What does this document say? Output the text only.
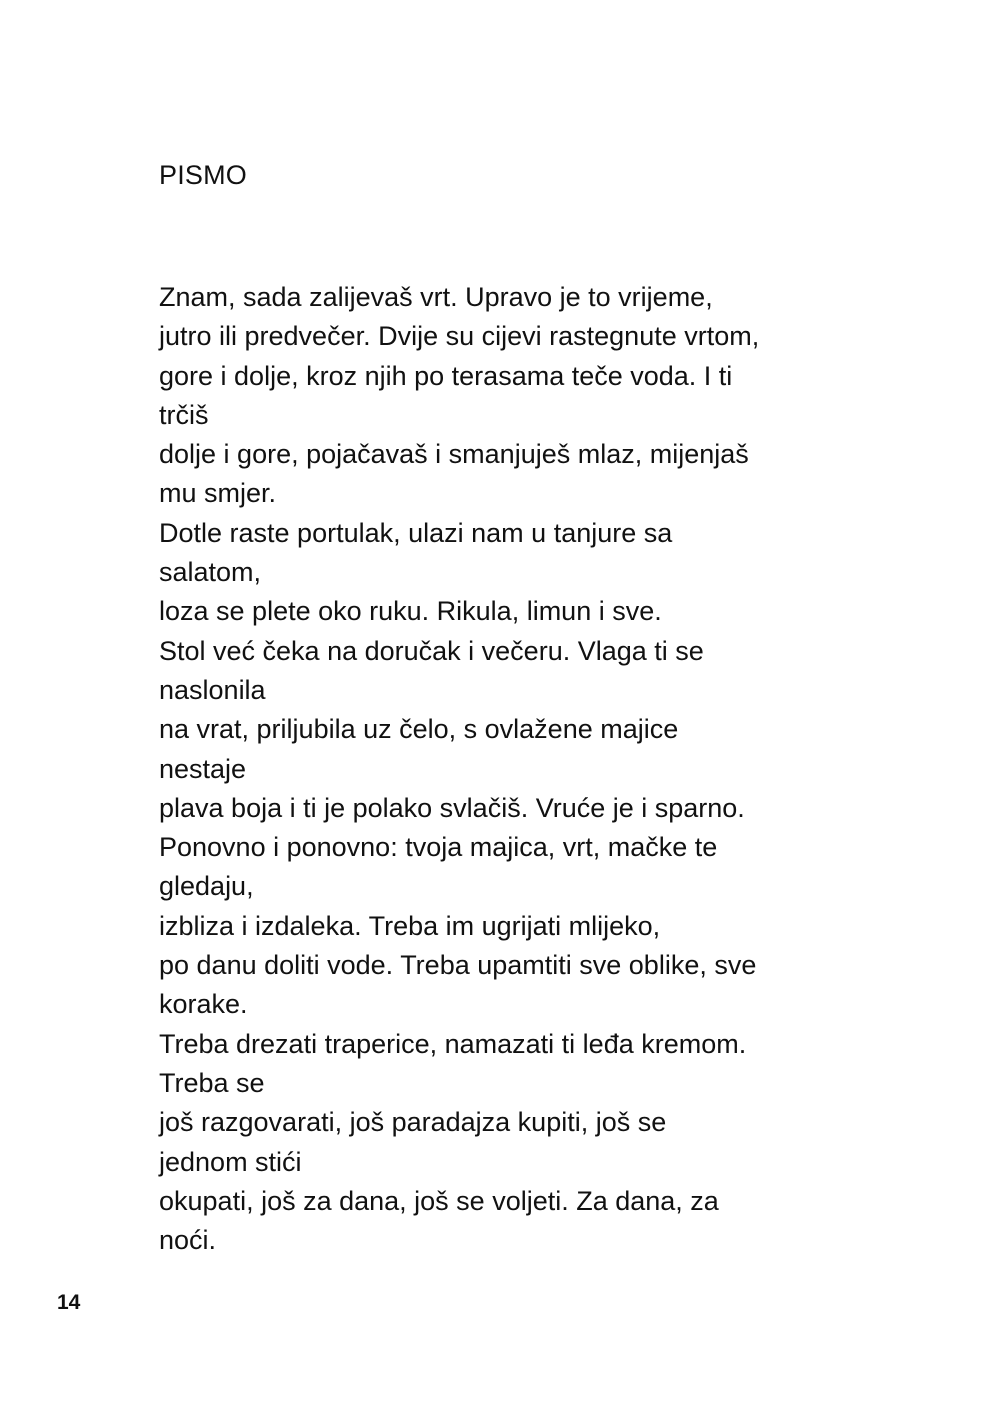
PISMO
Znam, sada zalijevaš vrt. Upravo je to vrijeme,
jutro ili predvečer. Dvije su cijevi rastegnute vrtom,
gore i dolje, kroz njih po terasama teče voda. I ti
trčiš
dolje i gore, pojačavaš i smanjuješ mlaz, mijenjaš
mu smjer.
Dotle raste portulak, ulazi nam u tanjure sa
salatom,
loza se plete oko ruku. Rikula, limun i sve.
Stol već čeka na doručak i večeru. Vlaga ti se
naslonila
na vrat, priljubila uz čelo, s ovlažene majice
nestaje
plava boja i ti je polako svlačiš. Vruće je i sparno.
Ponovno i ponovno: tvoja majica, vrt, mačke te
gledaju,
izbliza i izdaleka. Treba im ugrijati mlijeko,
po danu doliti vode. Treba upamtiti sve oblike, sve
korake.
Treba drezati traperice, namazati ti leđa kremom.
Treba se
još razgovarati, još paradajza kupiti, još se
jednom stići
okupati, još za dana, još se voljeti. Za dana, za
noći.
14
